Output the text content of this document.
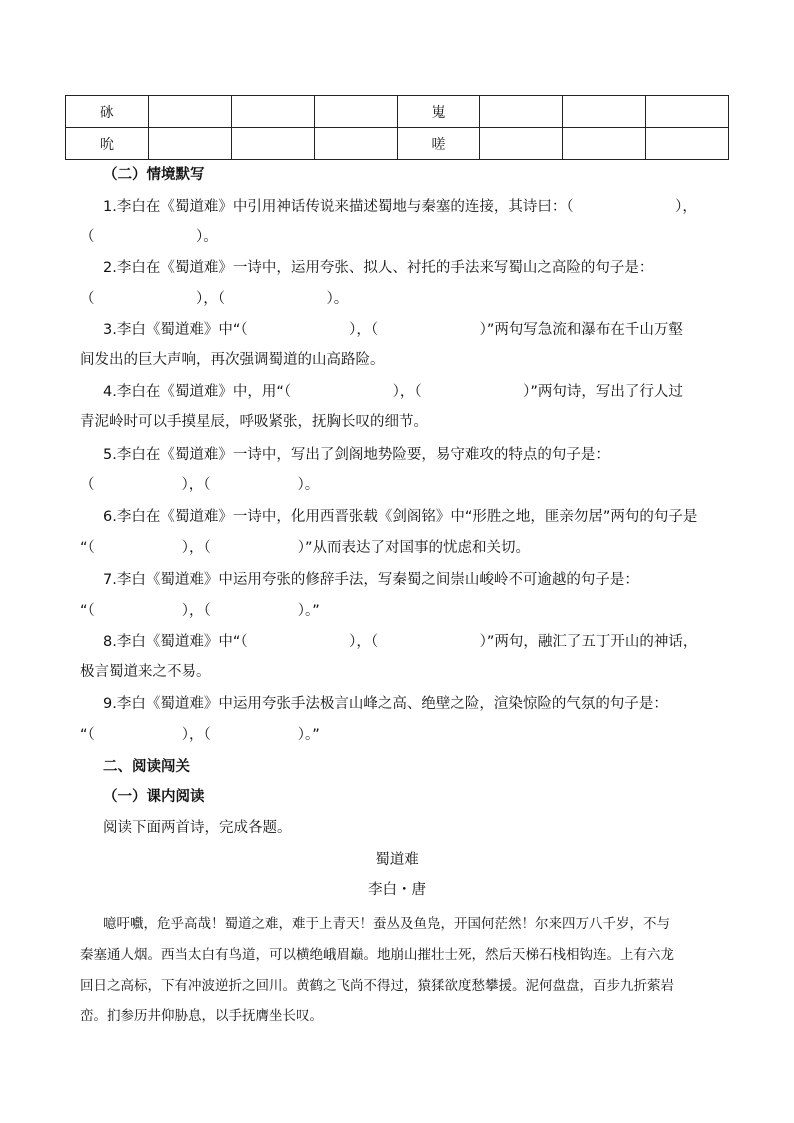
砯				嵬			
吮				嗟			
（二）情境默写
1.李白在《蜀道难》中引用神话传说来描述蜀地与秦塞的连接，其诗曰：（　　　　　　　），
（　　　　　　　）。
2.李白在《蜀道难》一诗中，运用夸张、拟人、衬托的手法来写蜀山之高险的句子是：
（　　　　　　　），（　　　　　　　）。
3.李白《蜀道难》中“（　　　　　　　），（　　　　　　　）”两句写急流和瀑布在千山万壑
间发出的巨大声响，再次强调蜀道的山高路险。
4.李白在《蜀道难》中，用“（　　　　　　　），（　　　　　　　）”两句诗，写出了行人过
青泥岭时可以手摸星辰，呼吸紧张，抚胸长叹的细节。
5.李白在《蜀道难》一诗中，写出了剑阁地势险要，易守难攻的特点的句子是：
（　　　　　　），（　　　　　　）。
6.李白在《蜀道难》一诗中，化用西晋张载《剑阁铭》中“形胜之地，匪亲勿居”两句的句子是
“（　　　　　　），（　　　　　　）”从而表达了对国事的忧虑和关切。
7.李白《蜀道难》中运用夸张的修辞手法，写秦蜀之间崇山峻岭不可逾越的句子是：
“（　　　　　　），（　　　　　　）。”
8.李白《蜀道难》中“（　　　　　　　），（　　　　　　　）”两句，融汇了五丁开山的神话，
极言蜀道来之不易。
9.李白《蜀道难》中运用夸张手法极言山峰之高、绝壁之险，渲染惊险的气氛的句子是：
“（　　　　　　），（　　　　　　）。”
二、阅读闯关
（一）课内阅读
阅读下面两首诗，完成各题。
蜀道难
李白・唐
噫吁嚱，危乎高哉！蜀道之难，难于上青天！蚕丛及鱼凫，开国何茫然！尔来四万八千岁，不与
秦塞通人烟。西当太白有鸟道，可以横绝峨眉巅。地崩山摧壮士死，然后天梯石栈相钩连。上有六龙
回日之高标，下有冲波逆折之回川。黄鹤之飞尚不得过，猿猱欲度愁攀援。泥何盘盘，百步九折萦岩
峦。扪参历井仰胁息，以手抚膺坐长叹。
